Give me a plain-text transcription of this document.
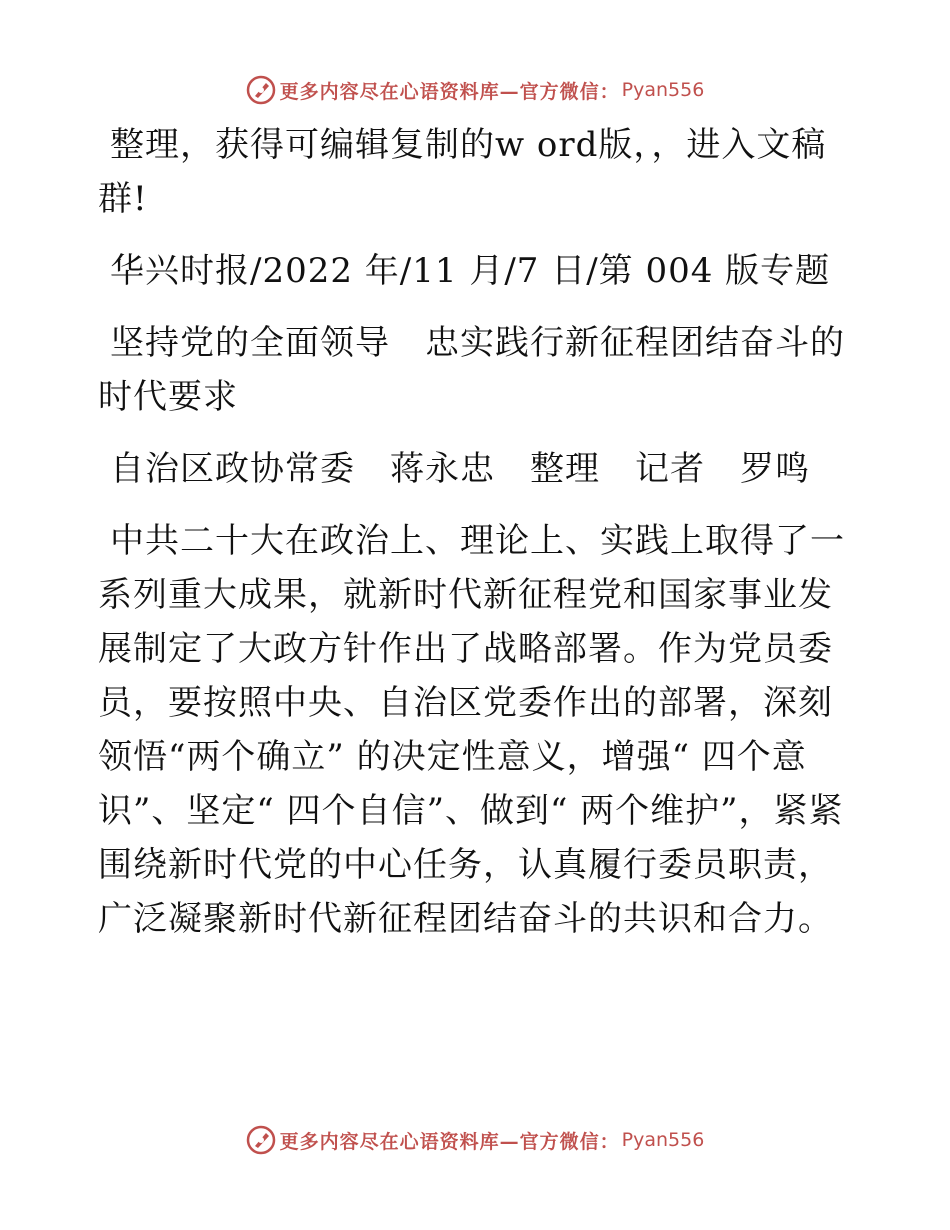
更多内容尽在心语资料库—官方微信： Pyan556

整理，获得可编辑复制的w ord版，，进入文稿群!

华兴时报/2022 年/11 月/7 日/第 004 版专题

坚持党的全面领导　忠实践行新征程团结奋斗的时代要求

自治区政协常委　蒋永忠　整理　记者　罗鸣

中共二十大在政治上、理论上、实践上取得了一系列重大成果，就新时代新征程党和国家事业发展制定了大政方针作出了战略部署。作为党员委员，要按照中央、自治区党委作出的部署，深刻领悟“两个确立” 的决定性意义，增强“ 四个意识”、坚定“ 四个自信”、做到“ 两个维护”，紧紧围绕新时代党的中心任务，认真履行委员职责，广泛凝聚新时代新征程团结奋斗的共识和合力。

更多内容尽在心语资料库—官方微信： Pyan556
